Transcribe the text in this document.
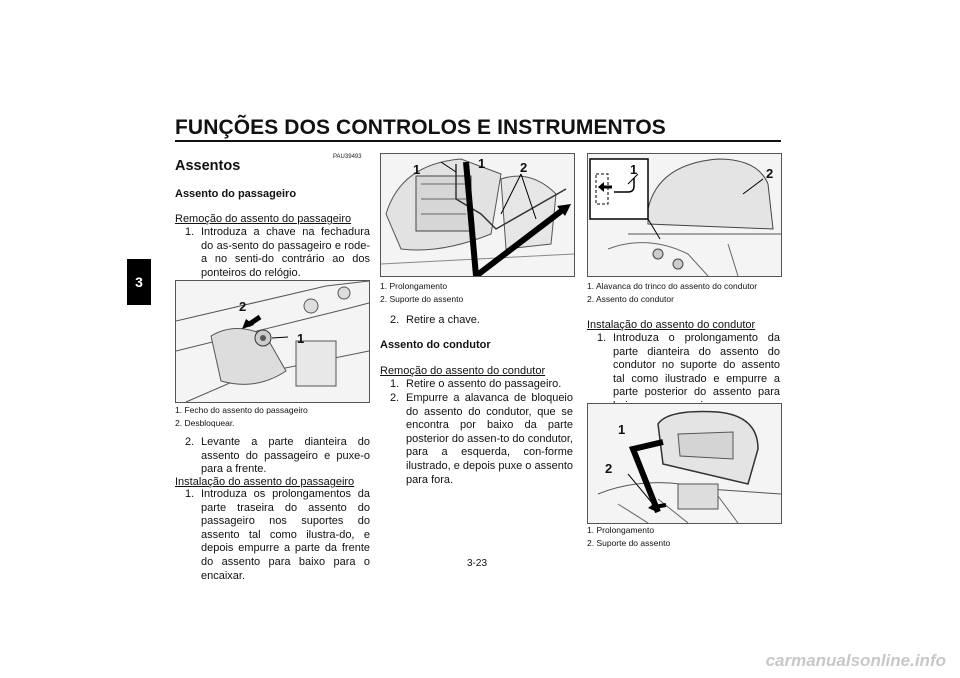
FUNÇÕES DOS CONTROLOS E INSTRUMENTOS
3
PAU39493
Assentos
Assento do passageiro
Remoção do assento do passageiro
1. Introduza a chave na fechadura do as-sento do passageiro e rode-a no senti-do contrário ao dos ponteiros do relógio.
2
1
1. Fecho do assento do passageiro
2. Desbloquear.
2. Levante a parte dianteira do assento do passageiro e puxe-o para a frente.
Instalação do assento do passageiro
1. Introduza os prolongamentos da parte traseira do assento do passageiro nos suportes do assento tal como ilustra-do, e depois empurre a parte da frente do assento para baixo para o encaixar.
1	1	2
1. Prolongamento
2. Suporte do assento
2. Retire a chave.
Assento do condutor
Remoção do assento do condutor
1. Retire o assento do passageiro.
2. Empurre a alavanca de bloqueio do assento do condutor, que se encontra por baixo da parte posterior do assen-to do condutor, para a esquerda, con-forme ilustrado, e depois puxe o assento para fora.
1	2
1. Alavanca do trinco do assento do condutor
2. Assento do condutor
Instalação do assento do condutor
1. Introduza o prolongamento da parte dianteira do assento do condutor no suporte do assento tal como ilustrado e empurre a parte posterior do assento para
1
2
1. Prolongamento
2. Suporte do assento
3-23
carmanualsonline.info
